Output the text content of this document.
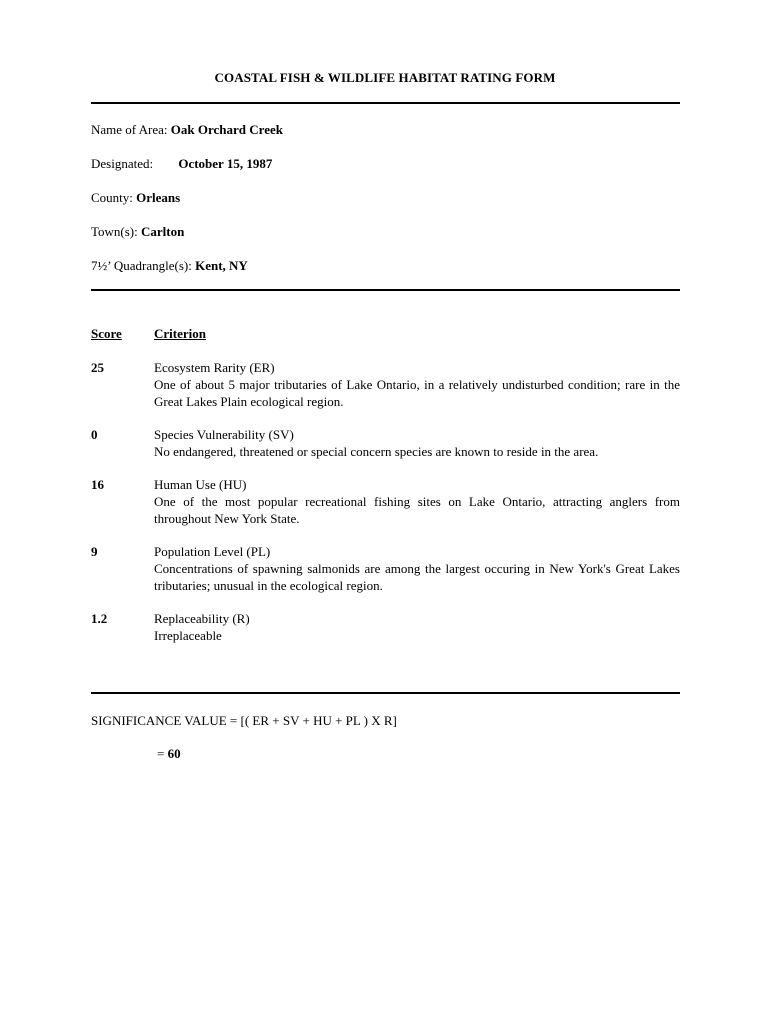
COASTAL FISH & WILDLIFE HABITAT RATING FORM
Name of Area: Oak Orchard Creek
Designated: October 15, 1987
County: Orleans
Town(s): Carlton
7½’ Quadrangle(s): Kent, NY
Score Criterion
25	Ecosystem Rarity (ER)
One of about 5 major tributaries of Lake Ontario, in a relatively undisturbed condition; rare in the Great Lakes Plain ecological region.
0	Species Vulnerability (SV)
No endangered, threatened or special concern species are known to reside in the area.
16	Human Use (HU)
One of the most popular recreational fishing sites on Lake Ontario, attracting anglers from throughout New York State.
9	Population Level (PL)
Concentrations of spawning salmonids are among the largest occuring in New York's Great Lakes tributaries; unusual in the ecological region.
1.2	Replaceability (R)
Irreplaceable
SIGNIFICANCE VALUE = [( ER + SV + HU + PL ) X R]
= 60
